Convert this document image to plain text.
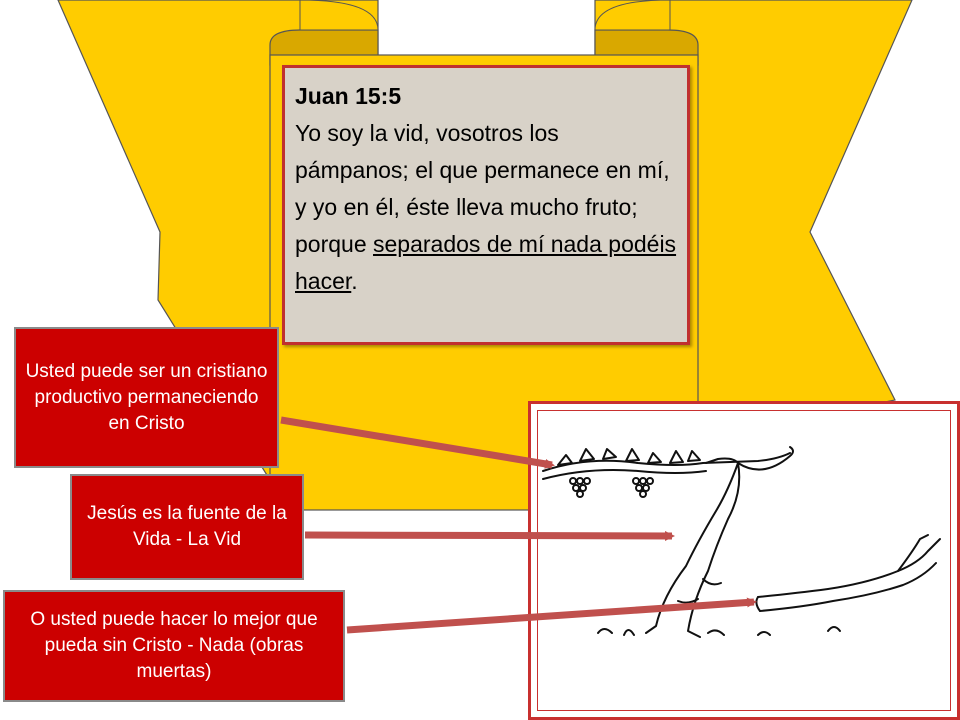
Juan 15:5
Yo soy la vid, vosotros los pámpanos; el que permanece en mí, y yo en él, éste lleva mucho fruto; porque separados de mí nada podéis hacer.
Usted puede ser un cristiano productivo permaneciendo en Cristo
Jesús es la fuente de la Vida - La Vid
O usted puede hacer lo mejor que pueda sin Cristo - Nada (obras muertas)
